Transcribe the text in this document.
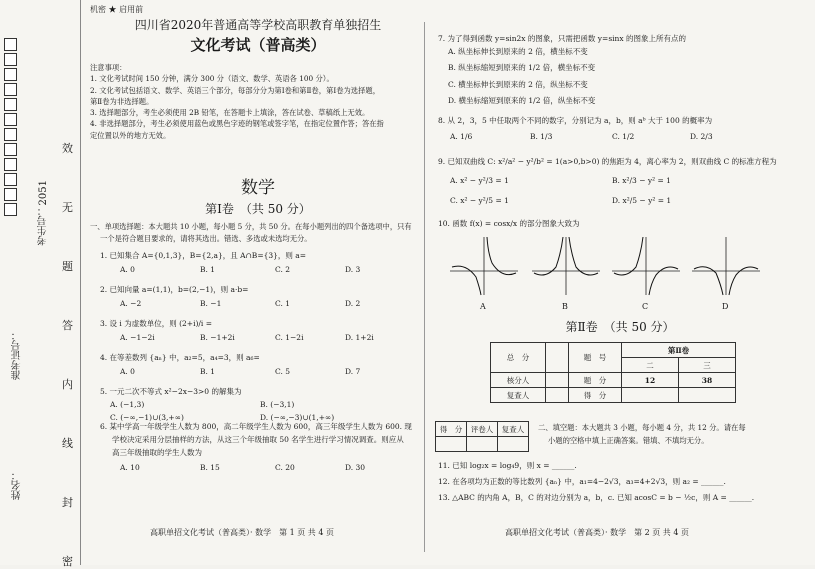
姓名：
准考证号：
考生号：2051
效
无
题
答
内
线
封
密
机密 ★ 启用前
四川省2020年普通高等学校高职教育单独招生
文化考试（普高类）
注意事项：
1. 文化考试时间 150 分钟，满分 300 分（语文、数学、英语各 100 分）。
2. 文化考试包括语文、数学、英语三个部分，每部分分为第Ⅰ卷和第Ⅱ卷，第Ⅰ卷为选择题，
第Ⅱ卷为非选择题。
3. 选择题部分，考生必须使用 2B 铅笔，在答题卡上填涂，答在试卷、草稿纸上无效。
4. 非选择题部分，考生必须使用蓝色或黑色字迹的钢笔或签字笔，在指定位置作答；答在指
定位置以外的地方无效。
数学
第Ⅰ卷　（共 50 分）
一、单项选择题：本大题共 10 小题，每小题 5 分，共 50 分。在每小题列出的四个备选项中，只有
一个是符合题目要求的，请将其选出。错选、多选或未选均无分。
1. 已知集合 A={0,1,3}，B={2,a}，且 A∩B={3}，则 a=
A. 0	B. 1	C. 2	D. 3
2. 已知向量 a=(1,1)，b=(2,−1)，则 a·b=
A. −2	B. −1	C. 1	D. 2
3. 设 i 为虚数单位，则 (2+i)/i =
A. −1−2i	B. −1+2i	C. 1−2i	D. 1+2i
4. 在等差数列 {aₙ} 中，a₂=5，a₄=3，则 a₆=
A. 0	B. 1	C. 5	D. 7
5. 一元二次不等式 x²−2x−3>0 的解集为
A. (−1,3)	B. (−3,1)
C. (−∞,−1)∪(3,+∞)	D. (−∞,−3)∪(1,+∞)
6. 某中学高一年级学生人数为 800，高二年级学生人数为 600，高三年级学生人数为 600. 现
学校决定采用分层抽样的方法，从这三个年级抽取 50 名学生进行学习情况调查。则应从
高三年级抽取的学生人数为
A. 10	B. 15	C. 20	D. 30
高职单招文化考试（普高类）· 数学　第 1 页 共 4 页
7. 为了得到函数 y=sin2x 的图象，只需把函数 y=sinx 的图象上所有点的
A. 纵坐标伸长到原来的 2 倍，横坐标不变
B. 纵坐标缩短到原来的 1/2 倍，横坐标不变
C. 横坐标伸长到原来的 2 倍，纵坐标不变
D. 横坐标缩短到原来的 1/2 倍，纵坐标不变
8. 从 2，3，5 中任取两个不同的数字，分别记为 a，b，则 aᵇ 大于 100 的概率为
A. 1/6	B. 1/3	C. 1/2	D. 2/3
9. 已知双曲线 C: x²/a² − y²/b² = 1(a>0,b>0) 的焦距为 4，离心率为 2，则双曲线 C 的标准方程为
A. x² − y²/3 = 1	B. x²/3 − y² = 1
C. x² − y²/5 = 1	D. x²/5 − y² = 1
10. 函数 f(x) = cosx/x 的部分图象大致为
A	B	C	D
第Ⅱ卷　（共 50 分）
总　分		题　号	第Ⅱ卷	
			二	三
核分人		题　分	12	38
复查人		得　分		
得　分	评卷人	复查人
		二、填空题：本大题共 3 小题，每小题 4 分，共 12 分。请在每
小题的空格中填上正确答案。错填、不填均无分。
11. 已知 log₂x = log₄9，则 x = ______.
12. 在各项均为正数的等比数列 {aₙ} 中，a₁=4−2√3，a₃=4+2√3，则 a₂ = ______.
13. △ABC 的内角 A，B，C 的对边分别为 a，b，c. 已知 acosC = b − ½c，则 A = ______.
高职单招文化考试（普高类）· 数学　第 2 页 共 4 页
